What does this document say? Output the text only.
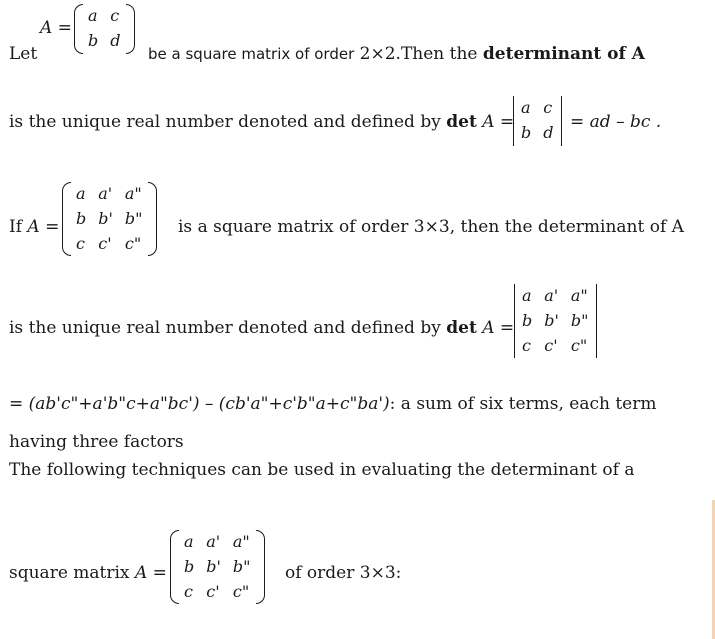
Let
A =
a	c
b	d
be a square matrix of order 2×2.Then the determinant of A
is the unique real number denoted and defined by det A =
a	c
b	d
= ad – bc .
If A =
a	a'	a"
b	b'	b"
c	c'	c"
is a square matrix of order 3×3, then the determinant of A
is the unique real number denoted and defined by det A =
a	a'	a"
b	b'	b"
c	c'	c"
= (ab'c"+a'b"c+a"bc') – (cb'a"+c'b"a+c"ba'): a sum of six terms, each term
having three factors
The following techniques can be used in evaluating the determinant of a
square matrix A =
a	a'	a"
b	b'	b"
c	c'	c"
of order 3×3:
